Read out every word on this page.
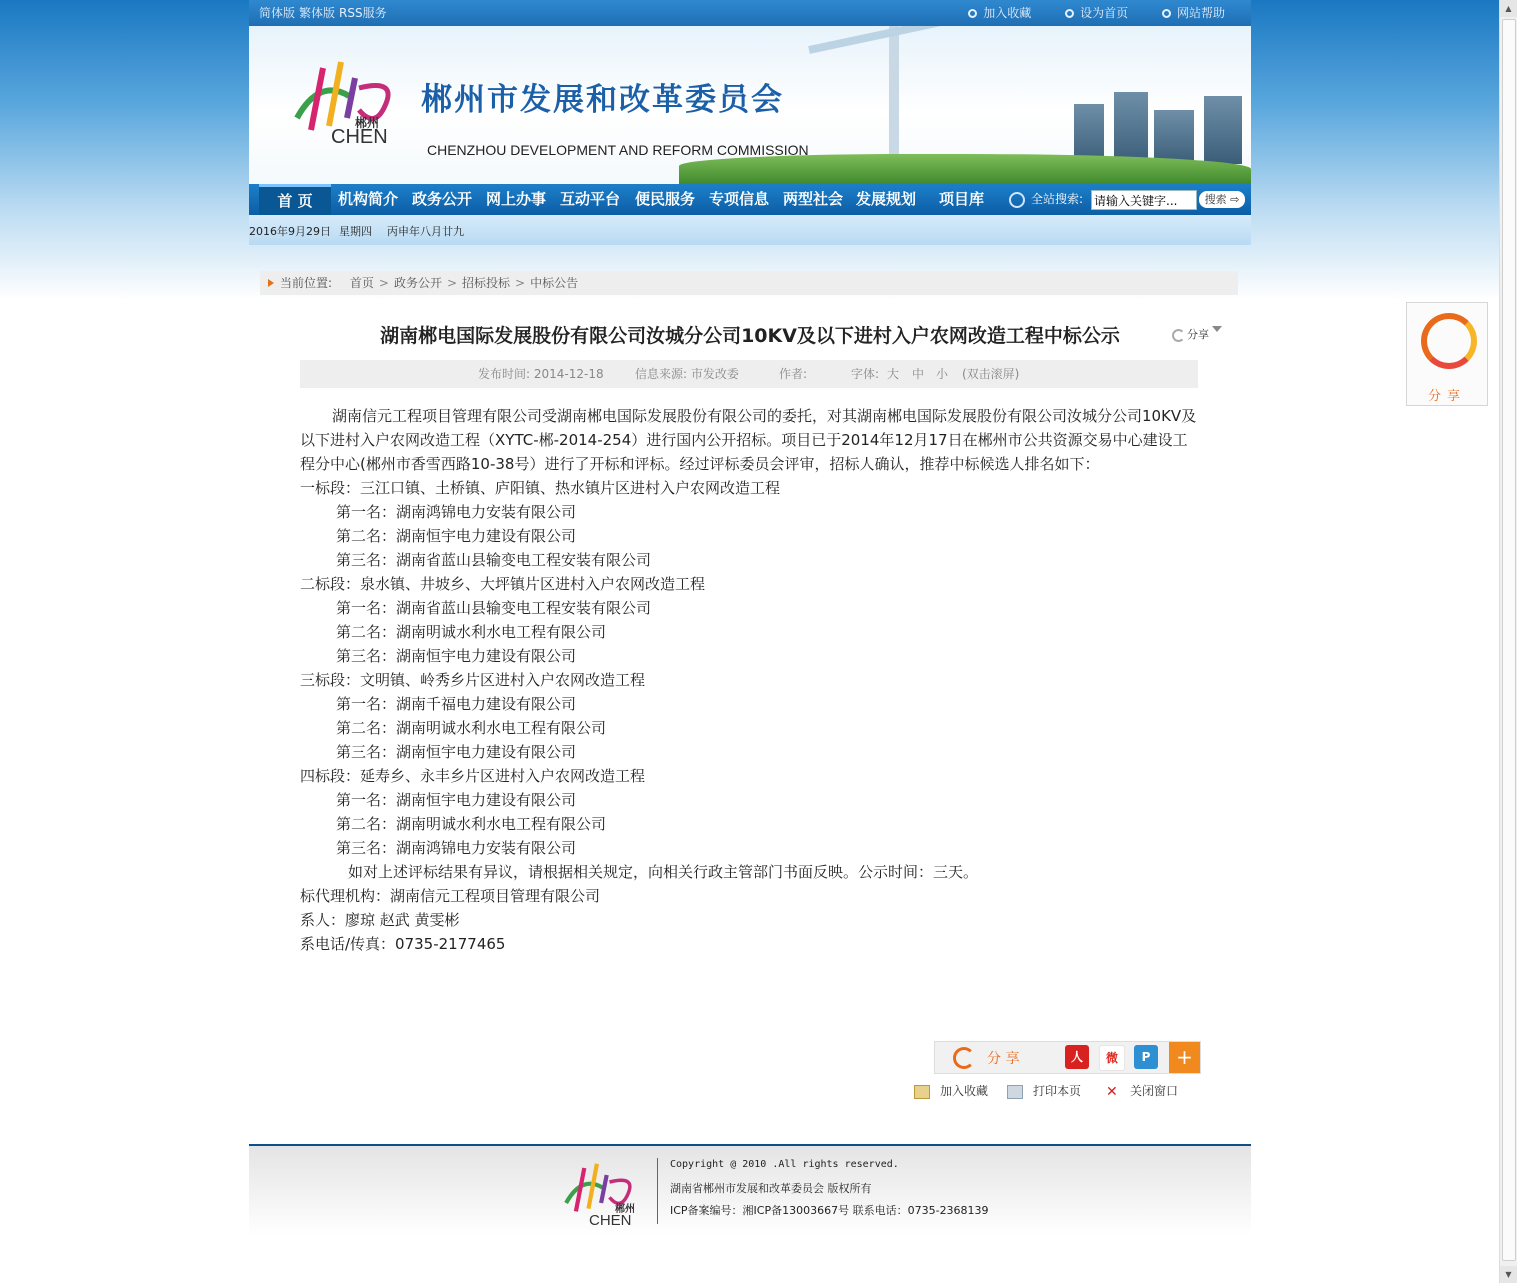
简体版 繁体版 RSS服务	加入收藏	设为首页	网站帮助
郴州
CHEN
郴州市发展和改革委员会
CHENZHOU DEVELOPMENT AND REFORM COMMISSION
首 页	机构简介 政务公开 网上办事 互动平台 便民服务 专项信息 两型社会 发展规划 项目库	全站搜索:
请输入关键字...	搜索 ⇨
2016年9月29日 星期四 丙申年八月廿九
当前位置: 首页 > 政务公开 > 招标投标 > 中标公告
湖南郴电国际发展股份有限公司汝城分公司10KV及以下进村入户农网改造工程中标公示	分享
发布时间: 2014-12-18	信息来源: 市发改委	作者:	字体: 大 中 小 (双击滚屏)

湖南信元工程项目管理有限公司受湖南郴电国际发展股份有限公司的委托，对其湖南郴电国际发展股份有限公司汝城分公司10KV及以下进村入户农网改造工程（XYTC-郴-2014-254）进行国内公开招标。项目已于2014年12月17日在郴州市公共资源交易中心建设工程分中心(郴州市香雪西路10-38号）进行了开标和评标。经过评标委员会评审，招标人确认，推荐中标候选人排名如下：

一标段：三江口镇、土桥镇、庐阳镇、热水镇片区进村入户农网改造工程

第一名：湖南鸿锦电力安装有限公司

第二名：湖南恒宇电力建设有限公司

第三名：湖南省蓝山县输变电工程安装有限公司

二标段：泉水镇、井坡乡、大坪镇片区进村入户农网改造工程

第一名：湖南省蓝山县输变电工程安装有限公司

第二名：湖南明诚水利水电工程有限公司

第三名：湖南恒宇电力建设有限公司

三标段：文明镇、岭秀乡片区进村入户农网改造工程

第一名：湖南千福电力建设有限公司

第二名：湖南明诚水利水电工程有限公司

第三名：湖南恒宇电力建设有限公司

四标段：延寿乡、永丰乡片区进村入户农网改造工程

第一名：湖南恒宇电力建设有限公司

第二名：湖南明诚水利水电工程有限公司

第三名：湖南鸿锦电力安装有限公司

如对上述评标结果有异议，请根据相关规定，向相关行政主管部门书面反映。公示时间：三天。

标代理机构：湖南信元工程项目管理有限公司

系人：廖琼 赵武 黄雯彬

系电话/传真：0735-2177465

分 享	人	微	P	+
加入收藏	打印本页 ✕ 关闭窗口
郴州
CHEN
Copyright @ 2010 .All rights reserved.
湖南省郴州市发展和改革委员会 版权所有
ICP备案编号：湘ICP备13003667号 联系电话：0735-2368139
分享
▲
▼
